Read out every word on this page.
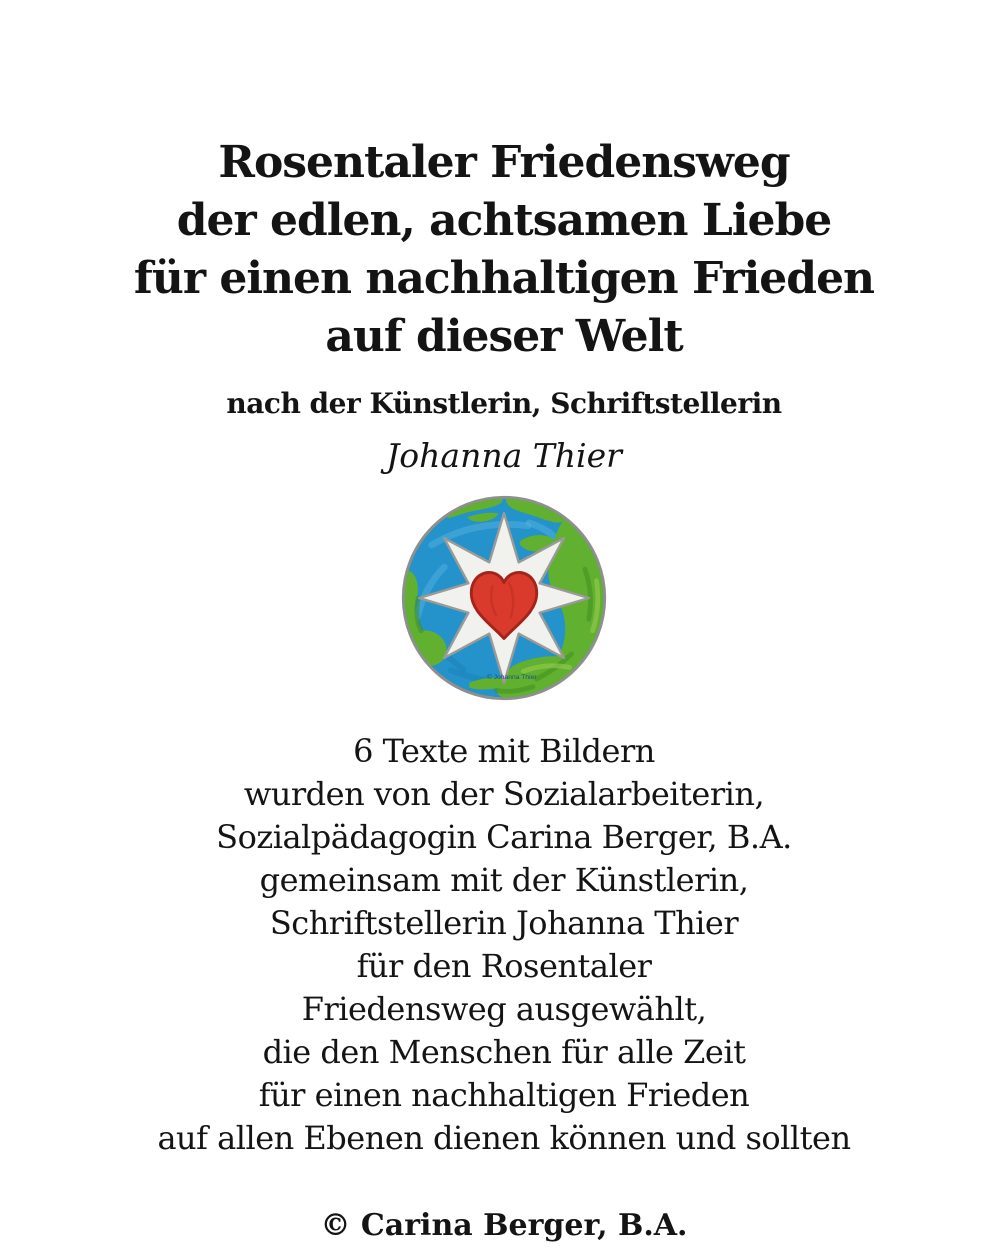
Rosentaler Friedensweg
der edlen, achtsamen Liebe
für einen nachhaltigen Frieden
auf dieser Welt
nach der Künstlerin, Schriftstellerin
Johanna Thier
© Johanna Thier
6 Texte mit Bildern
wurden von der Sozialarbeiterin,
Sozialpädagogin Carina Berger, B.A.
gemeinsam mit der Künstlerin,
Schriftstellerin Johanna Thier
für den Rosentaler
Friedensweg ausgewählt,
die den Menschen für alle Zeit
für einen nachhaltigen Frieden
auf allen Ebenen dienen können und sollten
© Carina Berger, B.A.
